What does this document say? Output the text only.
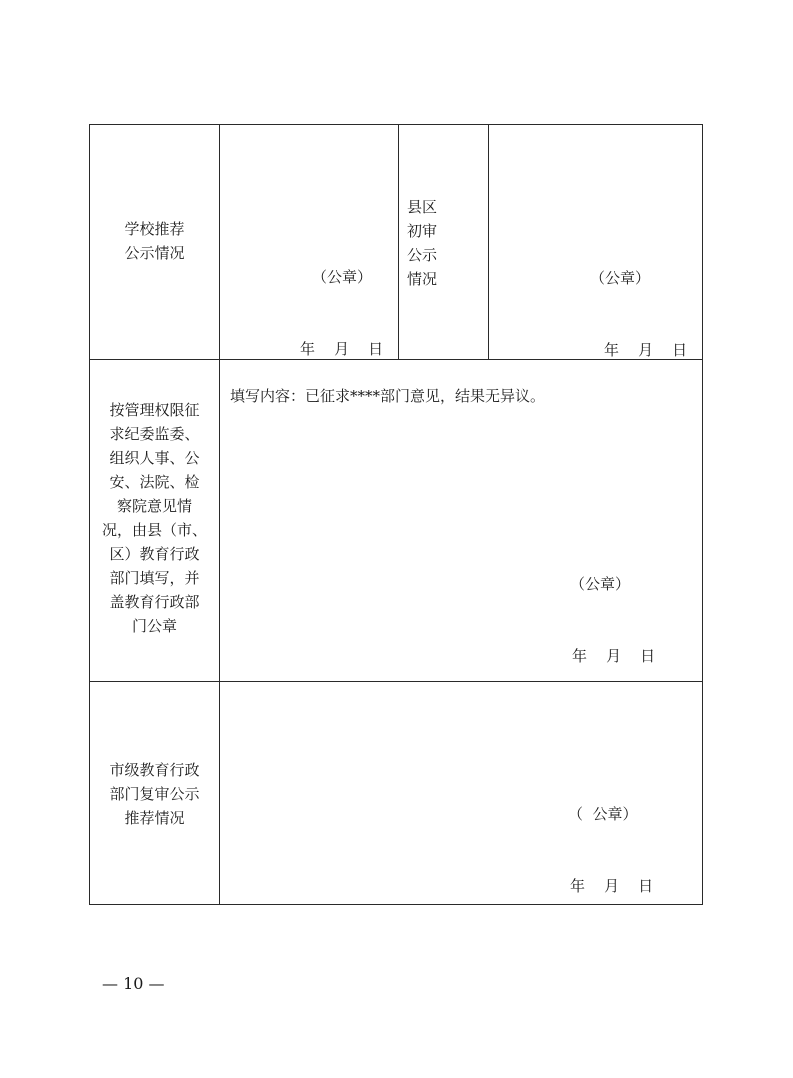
学校推荐
公示情况

（公章）

年    月    日

县区
初审
公示
情况

	（公章）

年    月    日

按管理权限征
求纪委监委、
组织人事、公
安、法院、检
察院意见情
况，由县（市、
区）教育行政
部门填写，并
盖教育行政部
门公章
填写内容：已征求****部门意见，结果无异议。

（公章）

年    月    日

市级教育行政
部门复审公示
推荐情况

	（  公章）

年    月    日

— 10 —
